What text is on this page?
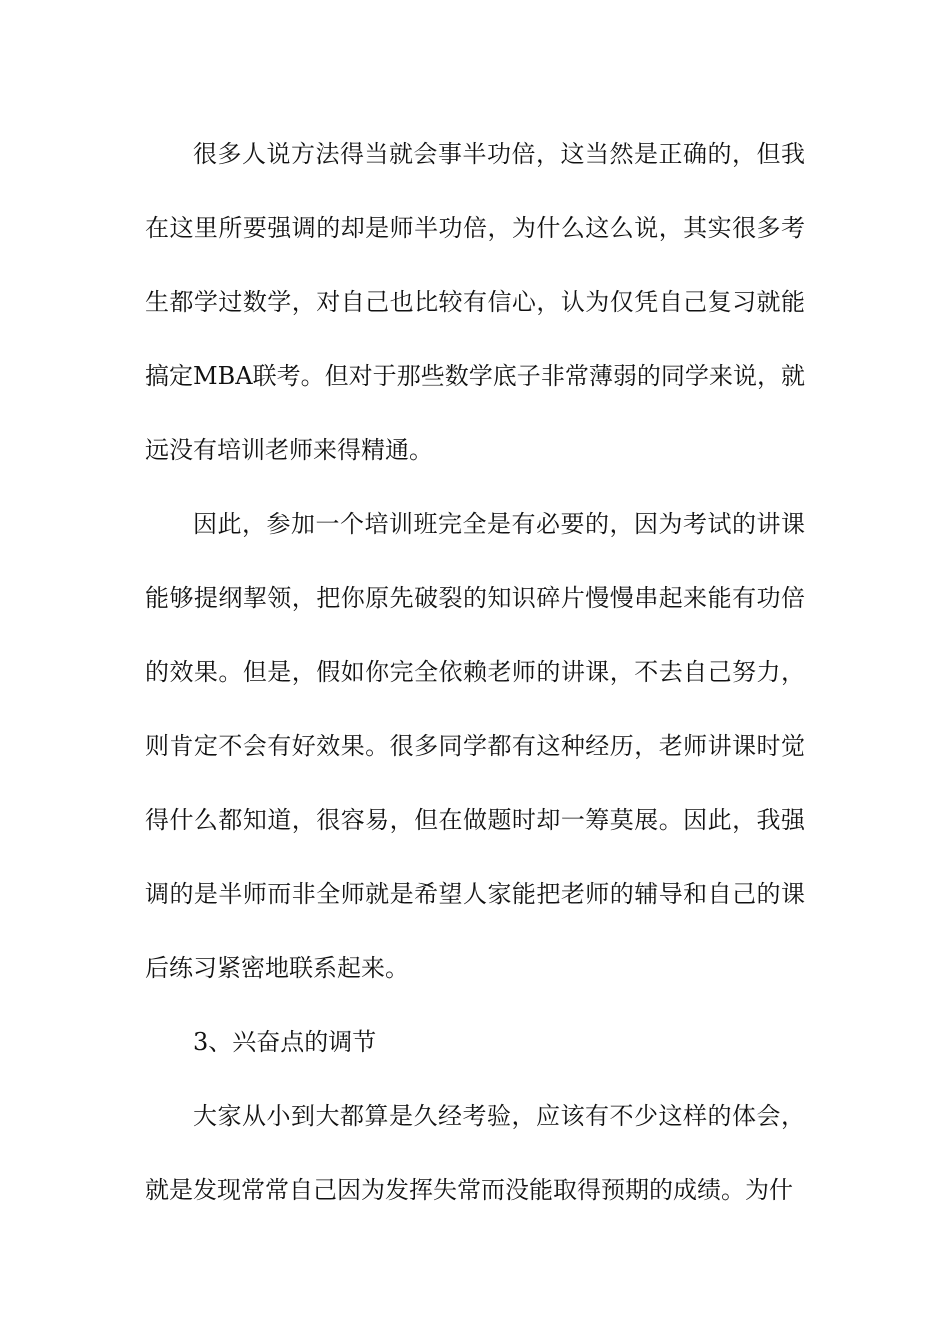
很多人说方法得当就会事半功倍，这当然是正确的，但我在这里所要强调的却是师半功倍，为什么这么说，其实很多考生都学过数学，对自己也比较有信心，认为仅凭自己复习就能搞定MBA联考。但对于那些数学底子非常薄弱的同学来说，就远没有培训老师来得精通。

因此，参加一个培训班完全是有必要的，因为考试的讲课能够提纲挈领，把你原先破裂的知识碎片慢慢串起来能有功倍的效果。但是，假如你完全依赖老师的讲课，不去自己努力，则肯定不会有好效果。很多同学都有这种经历，老师讲课时觉得什么都知道，很容易，但在做题时却一筹莫展。因此，我强调的是半师而非全师就是希望人家能把老师的辅导和自己的课后练习紧密地联系起来。

3、兴奋点的调节

大家从小到大都算是久经考验，应该有不少这样的体会，就是发现常常自己因为发挥失常而没能取得预期的成绩。为什
